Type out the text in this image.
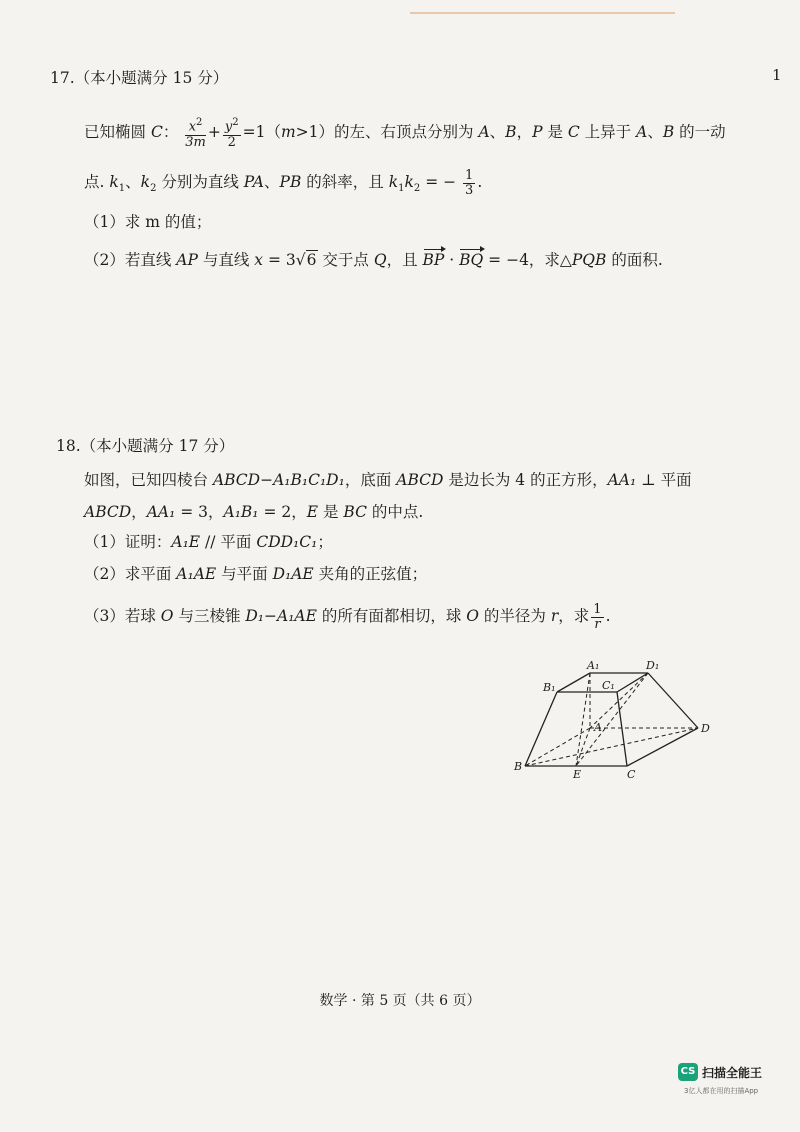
1
17.（本小题满分 15 分）
已知椭圆 C： $\frac{x^2}{3m} + \frac{y^2}{2} =1(m>1)$的左、右顶点分别为 A、B，P 是 C 上异于 A、B 的一动
点. $k_1$、$k_2$ 分别为直线 PA、PB 的斜率，且 $k_1k_2$ = − $\frac{1}{3}$ .
（1）求 m 的值；
（2）若直线 AP 与直线 x = 3√6 交于点 Q，且 BP · BQ = −4，求△PQB 的面积.
18.（本小题满分 17 分）
如图，已知四棱台 ABCD−A₁B₁C₁D₁，底面 ABCD 是边长为 4 的正方形，AA₁ ⊥ 平面
ABCD，AA₁ = 3，A₁B₁ = 2，E 是 BC 的中点.
（1）证明：A₁E // 平面 CDD₁C₁；
（2）求平面 A₁AE 与平面 D₁AE 夹角的正弦值；
（3）若球 O 与三棱锥 D₁−A₁AE 的所有面都相切，球 O 的半径为 r，求 $\frac{1}{r}$ .
A₁	D₁
B₁	C₁
A	D
B
E	C
数学 · 第 5 页（共 6 页）
CS 扫描全能王
3亿人都在用的扫描App
